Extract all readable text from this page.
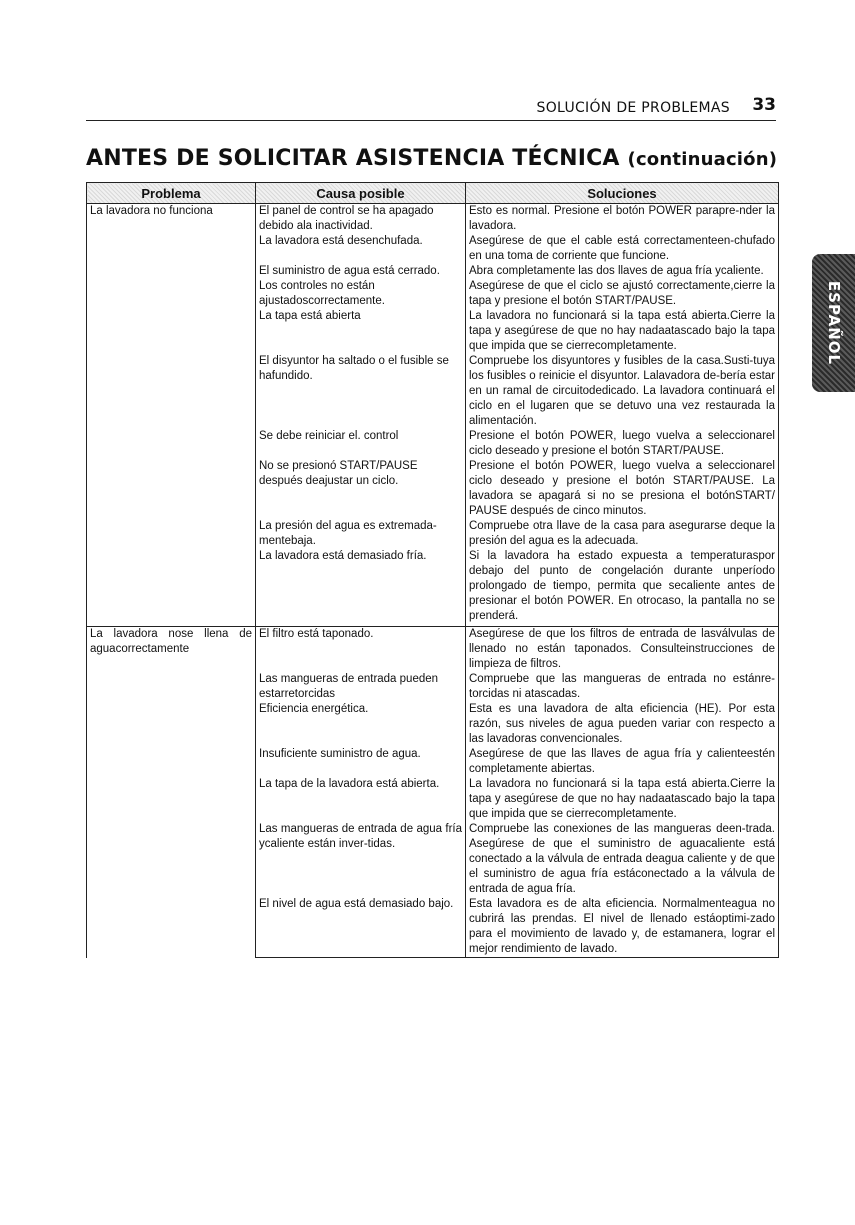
SOLUCIÓN DE PROBLEMAS 33
ANTES DE SOLICITAR ASISTENCIA TÉCNICA (continuación)
ESPAÑOL
Problema	Causa posible	Soluciones
La lavadora no funciona	El panel de control se ha apagado debido ala inactividad.	Esto es normal. Presione el botón POWER parapre-nder la lavadora.
	La lavadora está desenchufada.	Asegúrese de que el cable está correctamenteen-chufado en una toma de corriente que funcione.
	El suministro de agua está cerrado.	Abra completamente las dos llaves de agua fría ycaliente.
	Los controles no están ajustadoscorrectamente.	Asegúrese de que el ciclo se ajustó correctamente,cierre la tapa y presione el botón START/PAUSE.
	La tapa está abierta	La lavadora no funcionará si la tapa está abierta.Cierre la tapa y asegúrese de que no hay nadaatascado bajo la tapa que impida que se cierrecompletamente.
	El disyuntor ha saltado o el fusible se hafundido.	Compruebe los disyuntores y fusibles de la casa.Susti-tuya los fusibles o reinicie el disyuntor. Lalavadora de-bería estar en un ramal de circuitodedicado. La lavadora continuará el ciclo en el lugaren que se detuvo una vez restaurada la alimentación.
	Se debe reiniciar el. control	Presione el botón POWER, luego vuelva a seleccionarel ciclo deseado y presione el botón START/PAUSE.
	No se presionó START/PAUSE después deajustar un ciclo.	Presione el botón POWER, luego vuelva a seleccionarel ciclo deseado y presione el botón START/PAUSE. La lavadora se apagará si no se presiona el botónSTART/ PAUSE después de cinco minutos.
	La presión del agua es extremada-mentebaja.	Compruebe otra llave de la casa para asegurarse deque la presión del agua es la adecuada.
	La lavadora está demasiado fría.	Si la lavadora ha estado expuesta a temperaturaspor debajo del punto de congelación durante unperíodo prolongado de tiempo, permita que secaliente antes de presionar el botón POWER. En otrocaso, la pantalla no se prenderá.
La lavadora nose llena de aguacorrectamente	El filtro está taponado.	Asegúrese de que los filtros de entrada de lasválvulas de llenado no están taponados. Consulteinstrucciones de limpieza de filtros.
	Las mangueras de entrada pueden estarretorcidas	Compruebe que las mangueras de entrada no estánre-torcidas ni atascadas.
	Eficiencia energética.	Esta es una lavadora de alta eficiencia (HE). Por esta razón, sus niveles de agua pueden variar con respecto a las lavadoras convencionales.
	Insuficiente suministro de agua.	Asegúrese de que las llaves de agua fría y calienteestén completamente abiertas.
	La tapa de la lavadora está abierta.	La lavadora no funcionará si la tapa está abierta.Cierre la tapa y asegúrese de que no hay nadaatascado bajo la tapa que impida que se cierrecompletamente.
	Las mangueras de entrada de agua fría ycaliente están inver-tidas.	Compruebe las conexiones de las mangueras deen-trada. Asegúrese de que el suministro de aguacaliente está conectado a la válvula de entrada deagua caliente y de que el suministro de agua fría estáconectado a la válvula de entrada de agua fría.
	El nivel de agua está demasiado bajo.	Esta lavadora es de alta eficiencia. Normalmenteagua no cubrirá las prendas. El nivel de llenado estáoptimi-zado para el movimiento de lavado y, de estamanera, lograr el mejor rendimiento de lavado.
